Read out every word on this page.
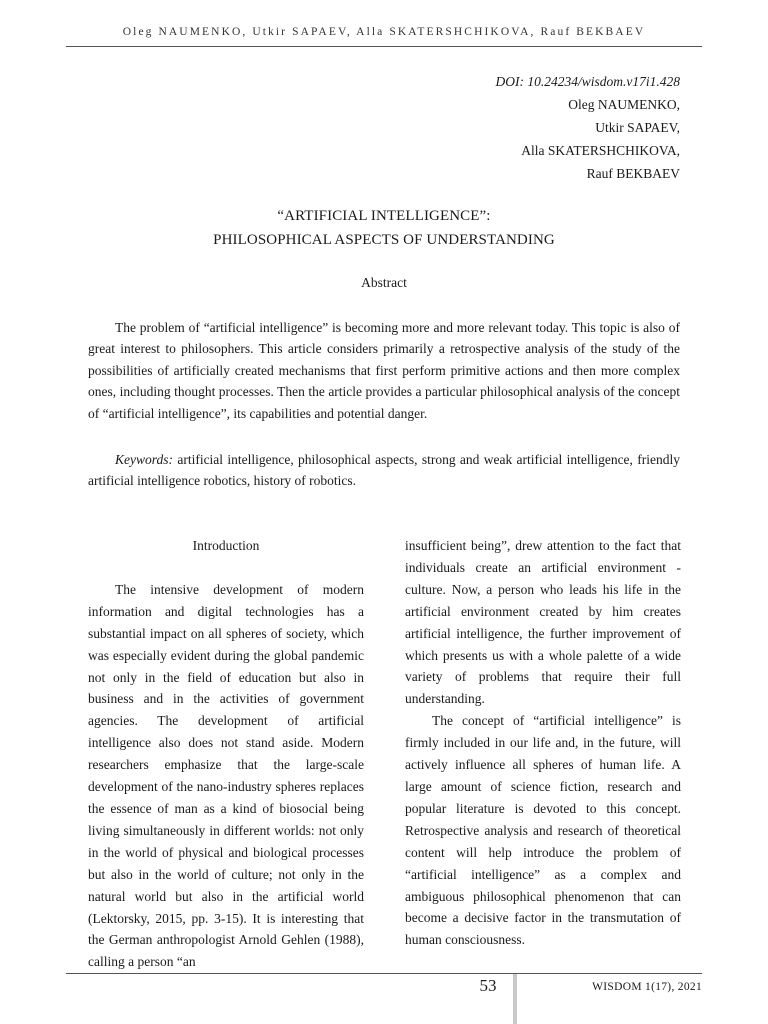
Oleg NAUMENKO, Utkir SAPAEV, Alla SKATERSHCHIKOVA, Rauf BEKBAEV
DOI: 10.24234/wisdom.v17i1.428
Oleg NAUMENKO,
Utkir SAPAEV,
Alla SKATERSHCHIKOVA,
Rauf BEKBAEV
“ARTIFICIAL INTELLIGENCE”:
PHILOSOPHICAL ASPECTS OF UNDERSTANDING
Abstract

The problem of “artificial intelligence” is becoming more and more relevant today. This topic is also of great interest to philosophers. This article considers primarily a retrospective analysis of the study of the possibilities of artificially created mechanisms that first perform primitive actions and then more complex ones, including thought processes. Then the article provides a particular philosophical analysis of the concept of “artificial intelligence”, its capabilities and potential danger.

Keywords: artificial intelligence, philosophical aspects, strong and weak artificial intelligence, friendly artificial intelligence robotics, history of robotics.

Introduction

The intensive development of modern information and digital technologies has a substantial impact on all spheres of society, which was especially evident during the global pandemic not only in the field of education but also in business and in the activities of government agencies. The development of artificial intelligence also does not stand aside. Modern researchers emphasize that the large-scale development of the nano-industry spheres replaces the essence of man as a kind of biosocial being living simultaneously in different worlds: not only in the world of physical and biological processes but also in the world of culture; not only in the natural world but also in the artificial world (Lektorsky, 2015, pp. 3-15). It is interesting that the German anthropologist Arnold Gehlen (1988), calling a person “an

insufficient being”, drew attention to the fact that individuals create an artificial environment - culture. Now, a person who leads his life in the artificial environment created by him creates artificial intelligence, the further improvement of which presents us with a whole palette of a wide variety of problems that require their full understanding.

The concept of “artificial intelligence” is firmly included in our life and, in the future, will actively influence all spheres of human life. A large amount of science fiction, research and popular literature is devoted to this concept. Retrospective analysis and research of theoretical content will help introduce the problem of “artificial intelligence” as a complex and ambiguous philosophical phenomenon that can become a decisive factor in the transmutation of human consciousness.

53	WISDOM 1(17), 2021
